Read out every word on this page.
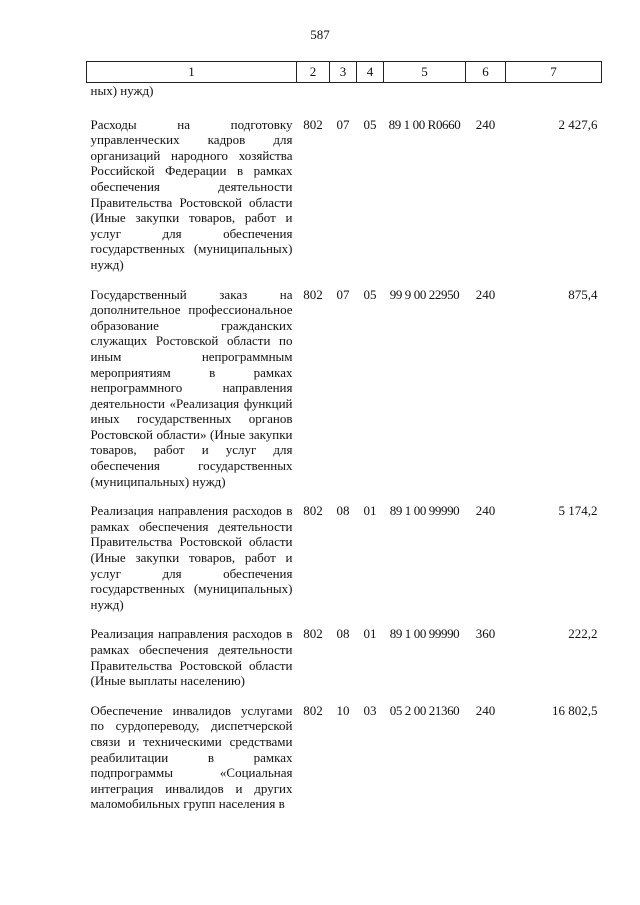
587
1	2	3	4	5	6	7
ных) нужд)						
Расходы на подготовку управленческих кадров для организаций народного хозяйства Российской Федерации в рамках обеспечения деятельности Правительства Ростовской области (Иные закупки товаров, работ и услуг для обеспечения государственных (муниципальных) нужд)	802	07	05	89 1 00 R0660	240	2 427,6
Государственный заказ на дополнительное профессиональное образование гражданских служащих Ростовской области по иным непрограммным мероприятиям в рамках непрограммного направления деятельности «Реализация функций иных государственных органов Ростовской области» (Иные закупки товаров, работ и услуг для обеспечения государственных (муниципальных) нужд)	802	07	05	99 9 00 22950	240	875,4
Реализация направления расходов в рамках обеспечения деятельности Правительства Ростовской области (Иные закупки товаров, работ и услуг для обеспечения государственных (муниципальных) нужд)	802	08	01	89 1 00 99990	240	5 174,2
Реализация направления расходов в рамках обеспечения деятельности Правительства Ростовской области (Иные выплаты населению)	802	08	01	89 1 00 99990	360	222,2
Обеспечение инвалидов услугами по сурдопереводу, диспетчерской связи и техническими средствами реабилитации в рамках подпрограммы «Социальная интеграция инвалидов и других маломобильных групп населения в	802	10	03	05 2 00 21360	240	16 802,5
